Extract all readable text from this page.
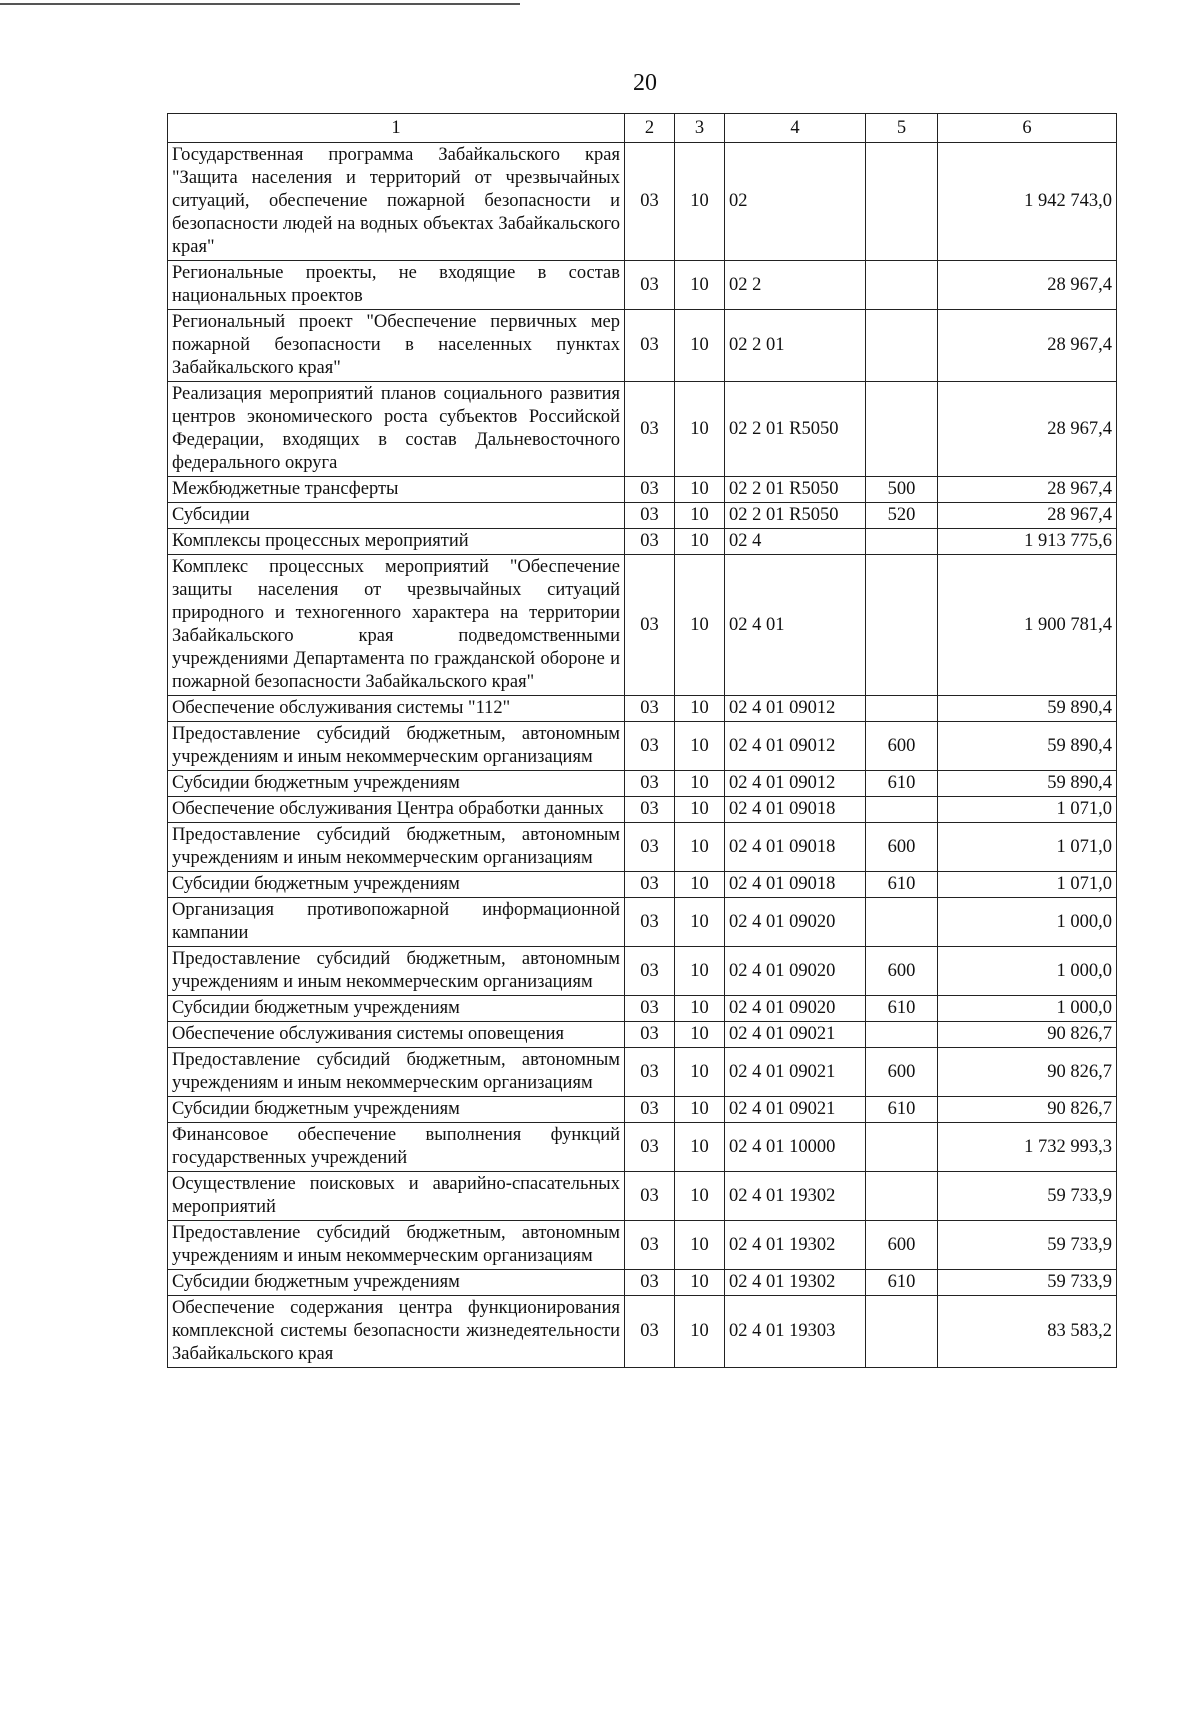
20
1	2	3	4	5	6
Государственная программа Забайкальского края "Защита населения и территорий от чрезвычайных ситуаций, обеспечение пожарной безопасности и безопасности людей на водных объектах Забайкальского края"	03	10	02		1 942 743,0
Региональные проекты, не входящие в состав национальных проектов	03	10	02 2		28 967,4
Региональный проект "Обеспечение первичных мер пожарной безопасности в населенных пунктах Забайкальского края"	03	10	02 2 01		28 967,4
Реализация мероприятий планов социального развития центров экономического роста субъектов Российской Федерации, входящих в состав Дальневосточного федерального округа	03	10	02 2 01 R5050		28 967,4
Межбюджетные трансферты	03	10	02 2 01 R5050	500	28 967,4
Субсидии	03	10	02 2 01 R5050	520	28 967,4
Комплексы процессных мероприятий	03	10	02 4		1 913 775,6
Комплекс процессных мероприятий "Обеспечение защиты населения от чрезвычайных ситуаций природного и техногенного характера на территории Забайкальского края подведомственными учреждениями Департамента по гражданской обороне и пожарной безопасности Забайкальского края"	03	10	02 4 01		1 900 781,4
Обеспечение обслуживания системы "112"	03	10	02 4 01 09012		59 890,4
Предоставление субсидий бюджетным, автономным учреждениям и иным некоммерческим организациям	03	10	02 4 01 09012	600	59 890,4
Субсидии бюджетным учреждениям	03	10	02 4 01 09012	610	59 890,4
Обеспечение обслуживания Центра обработки данных	03	10	02 4 01 09018		1 071,0
Предоставление субсидий бюджетным, автономным учреждениям и иным некоммерческим организациям	03	10	02 4 01 09018	600	1 071,0
Субсидии бюджетным учреждениям	03	10	02 4 01 09018	610	1 071,0
Организация противопожарной информационной кампании	03	10	02 4 01 09020		1 000,0
Предоставление субсидий бюджетным, автономным учреждениям и иным некоммерческим организациям	03	10	02 4 01 09020	600	1 000,0
Субсидии бюджетным учреждениям	03	10	02 4 01 09020	610	1 000,0
Обеспечение обслуживания системы оповещения	03	10	02 4 01 09021		90 826,7
Предоставление субсидий бюджетным, автономным учреждениям и иным некоммерческим организациям	03	10	02 4 01 09021	600	90 826,7
Субсидии бюджетным учреждениям	03	10	02 4 01 09021	610	90 826,7
Финансовое обеспечение выполнения функций государственных учреждений	03	10	02 4 01 10000		1 732 993,3
Осуществление поисковых и аварийно-спасательных мероприятий	03	10	02 4 01 19302		59 733,9
Предоставление субсидий бюджетным, автономным учреждениям и иным некоммерческим организациям	03	10	02 4 01 19302	600	59 733,9
Субсидии бюджетным учреждениям	03	10	02 4 01 19302	610	59 733,9
Обеспечение содержания центра функционирования комплексной системы безопасности жизнедеятельности Забайкальского края	03	10	02 4 01 19303		83 583,2
